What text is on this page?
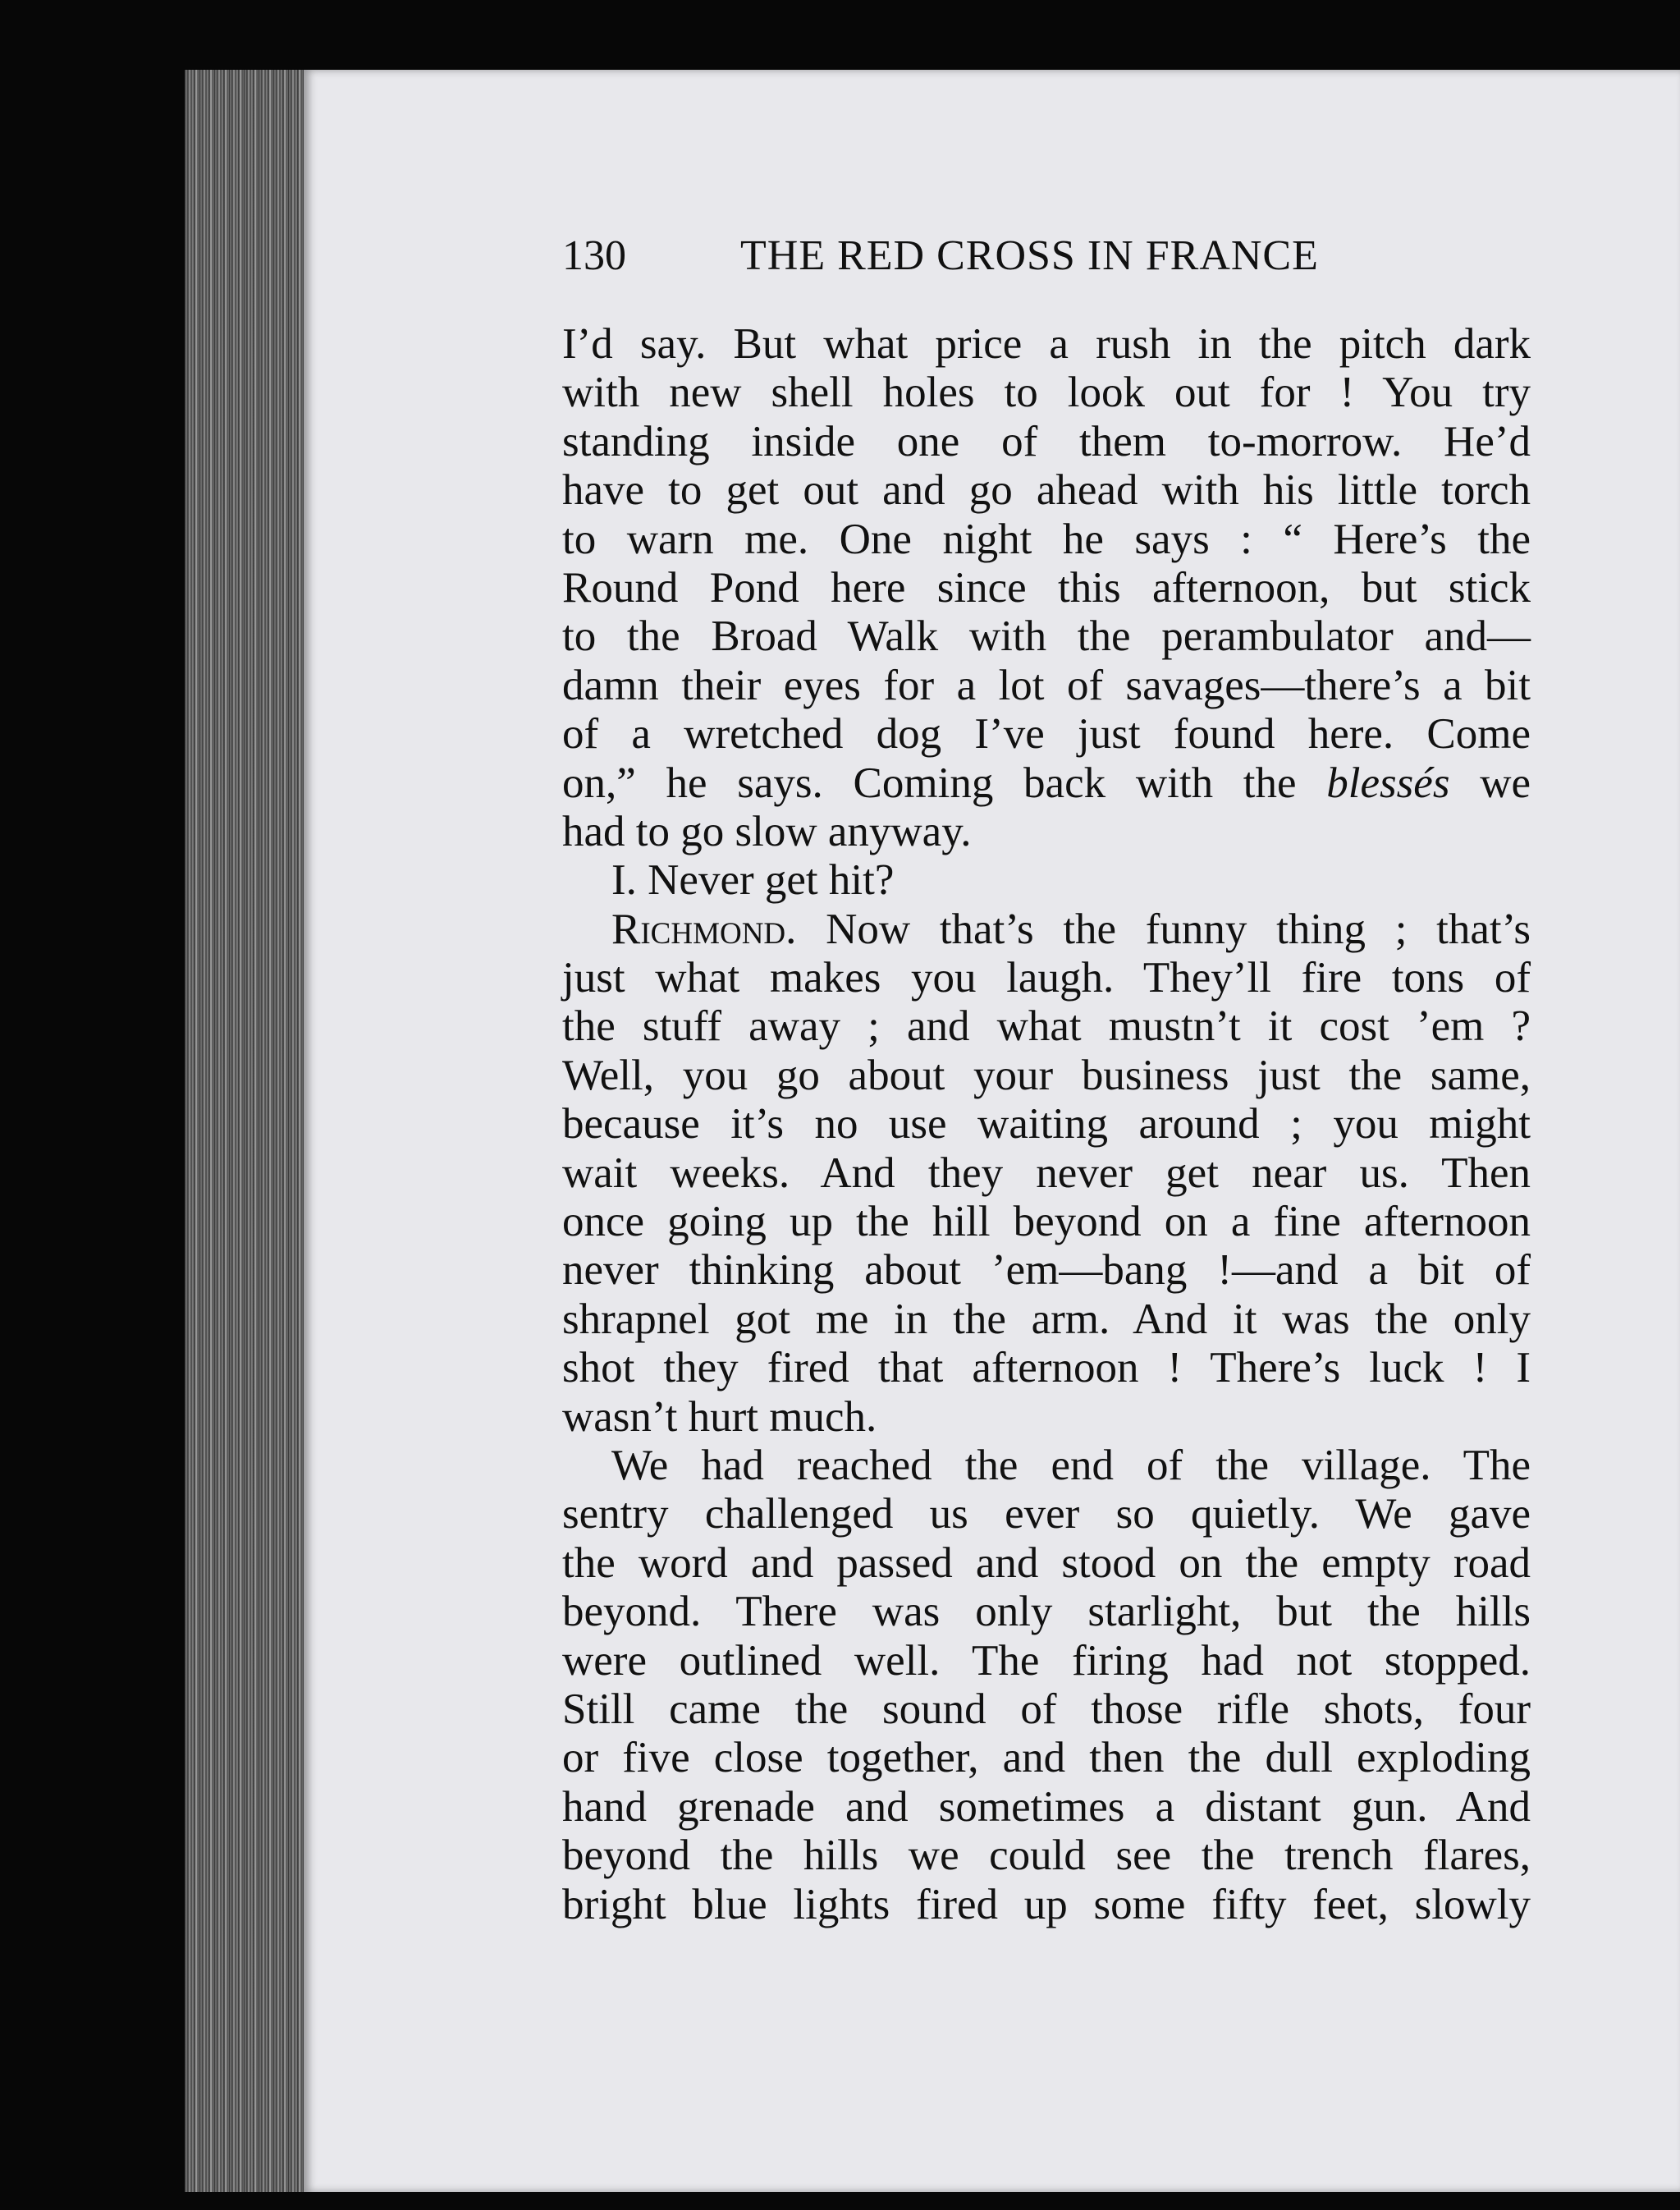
130	THE RED CROSS IN FRANCE
I’d say. But what price a rush in the pitch dark
with new shell holes to look out for ! You try
standing inside one of them to-morrow. He’d
have to get out and go ahead with his little torch
to warn me. One night he says : “ Here’s the
Round Pond here since this afternoon, but stick
to the Broad Walk with the perambulator and—
damn their eyes for a lot of savages—there’s a bit
of a wretched dog I’ve just found here. Come
on,” he says. Coming back with the blessés we
had to go slow anyway.
I. Never get hit?
Richmond. Now that’s the funny thing ; that’s
just what makes you laugh. They’ll fire tons of
the stuff away ; and what mustn’t it cost ’em ?
Well, you go about your business just the same,
because it’s no use waiting around ; you might
wait weeks. And they never get near us. Then
once going up the hill beyond on a fine afternoon
never thinking about ’em—bang !—and a bit of
shrapnel got me in the arm. And it was the only
shot they fired that afternoon ! There’s luck ! I
wasn’t hurt much.
We had reached the end of the village. The
sentry challenged us ever so quietly. We gave
the word and passed and stood on the empty road
beyond. There was only starlight, but the hills
were outlined well. The firing had not stopped.
Still came the sound of those rifle shots, four
or five close together, and then the dull exploding
hand grenade and sometimes a distant gun. And
beyond the hills we could see the trench flares,
bright blue lights fired up some fifty feet, slowly
